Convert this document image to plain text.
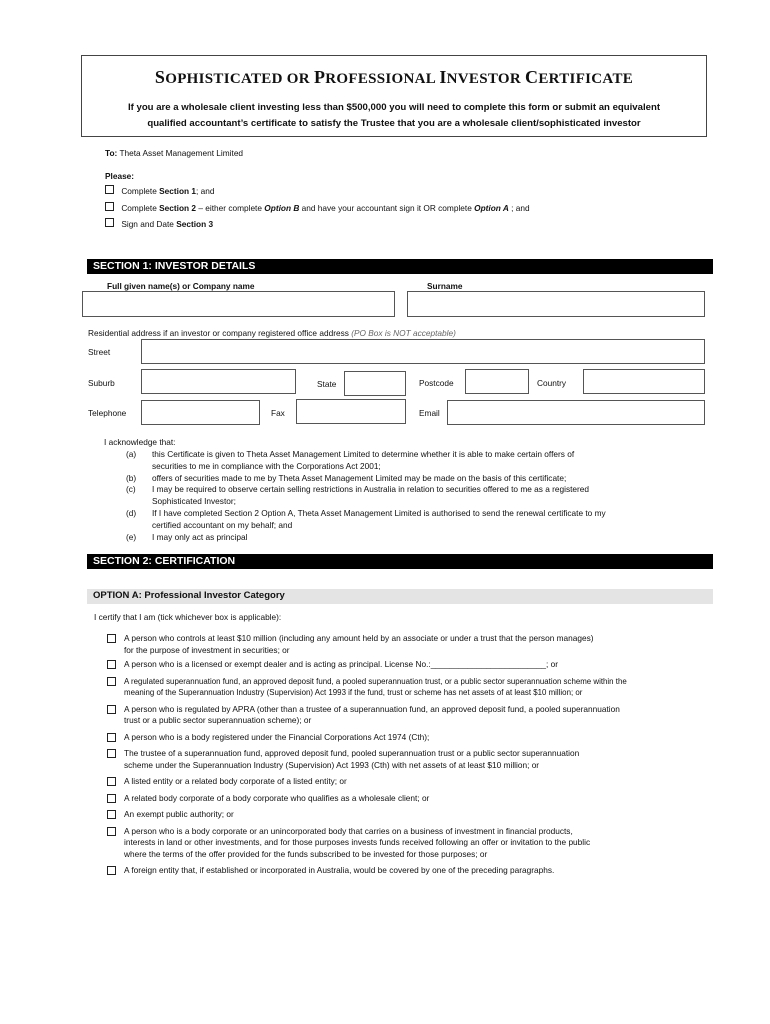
SOPHISTICATED OR PROFESSIONAL INVESTOR CERTIFICATE
If you are a wholesale client investing less than $500,000 you will need to complete this form or submit an equivalent
qualified accountant’s certificate to satisfy the Trustee that you are a wholesale client/sophisticated investor
To: Theta Asset Management Limited
Please:
Complete Section 1; and
Complete Section 2 – either complete Option B and have your accountant sign it OR complete Option A ; and
Sign and Date Section 3
SECTION 1: INVESTOR DETAILS
Full given name(s) or Company name	Surname
Residential address if an investor or company registered office address (PO Box is NOT acceptable)
Street
Suburb	State	Postcode	Country
Telephone	Fax	Email
I acknowledge that:
(a)	this Certificate is given to Theta Asset Management Limited to determine whether it is able to make certain offers of
securities to me in compliance with the Corporations Act 2001;
(b)	offers of securities made to me by Theta Asset Management Limited may be made on the basis of this certificate;
(c)	I may be required to observe certain selling restrictions in Australia in relation to securities offered to me as a registered
Sophisticated Investor;
(d)	If I have completed Section 2 Option A, Theta Asset Management Limited is authorised to send the renewal certificate to my
certified accountant on my behalf; and
(e)	I may only act as principal
SECTION 2: CERTIFICATION
OPTION A: Professional Investor Category
I certify that I am (tick whichever box is applicable):
A person who controls at least $10 million (including any amount held by an associate or under a trust that the person manages)
for the purpose of investment in securities; or
A person who is a licensed or exempt dealer and is acting as principal. License No.:_________________________; or
A regulated superannuation fund, an approved deposit fund, a pooled superannuation trust, or a public sector superannuation scheme within the
meaning of the Superannuation Industry (Supervision) Act 1993 if the fund, trust or scheme has net assets of at least $10 million; or
A person who is regulated by APRA (other than a trustee of a superannuation fund, an approved deposit fund, a pooled superannuation
trust or a public sector superannuation scheme); or
A person who is a body registered under the Financial Corporations Act 1974 (Cth);
The trustee of a superannuation fund, approved deposit fund, pooled superannuation trust or a public sector superannuation
scheme under the Superannuation Industry (Supervision) Act 1993 (Cth) with net assets of at least $10 million; or
A listed entity or a related body corporate of a listed entity; or
A related body corporate of a body corporate who qualifies as a wholesale client; or
An exempt public authority; or
A person who is a body corporate or an unincorporated body that carries on a business of investment in financial products,
interests in land or other investments, and for those purposes invests funds received following an offer or invitation to the public
where the terms of the offer provided for the funds subscribed to be invested for those purposes; or
A foreign entity that, if established or incorporated in Australia, would be covered by one of the preceding paragraphs.
